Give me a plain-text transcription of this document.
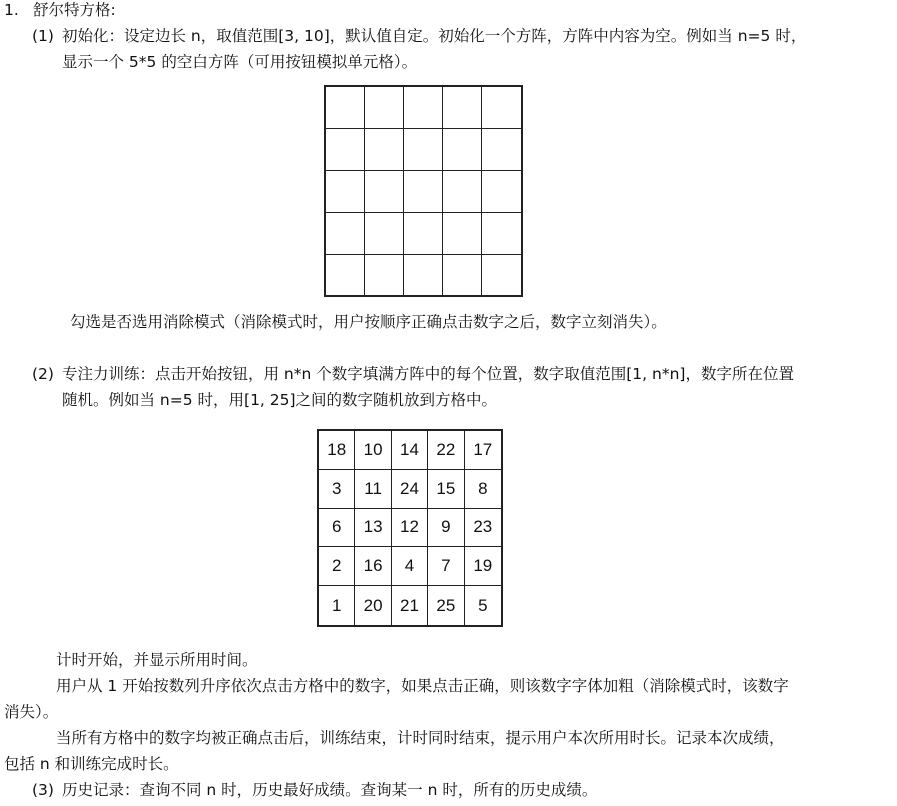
1. 舒尔特方格:
(1) 初始化：设定边长 n，取值范围[3, 10]，默认值自定。初始化一个方阵，方阵中内容为空。例如当 n=5 时，
显示一个 5*5 的空白方阵（可用按钮模拟单元格）。
勾选是否选用消除模式（消除模式时，用户按顺序正确点击数字之后，数字立刻消失）。
(2) 专注力训练：点击开始按钮，用 n*n 个数字填满方阵中的每个位置，数字取值范围[1, n*n]，数字所在位置
随机。例如当 n=5 时，用[1, 25]之间的数字随机放到方格中。
18	10	14	22	17
3	11	24	15	8
6	13	12	9	23
2	16	4	7	19
1	20	21	25	5
计时开始，并显示所用时间。
用户从 1 开始按数列升序依次点击方格中的数字，如果点击正确，则该数字字体加粗（消除模式时，该数字
消失）。
当所有方格中的数字均被正确点击后，训练结束，计时同时结束，提示用户本次所用时长。记录本次成绩，
包括 n 和训练完成时长。
(3) 历史记录：查询不同 n 时，历史最好成绩。查询某一 n 时，所有的历史成绩。
